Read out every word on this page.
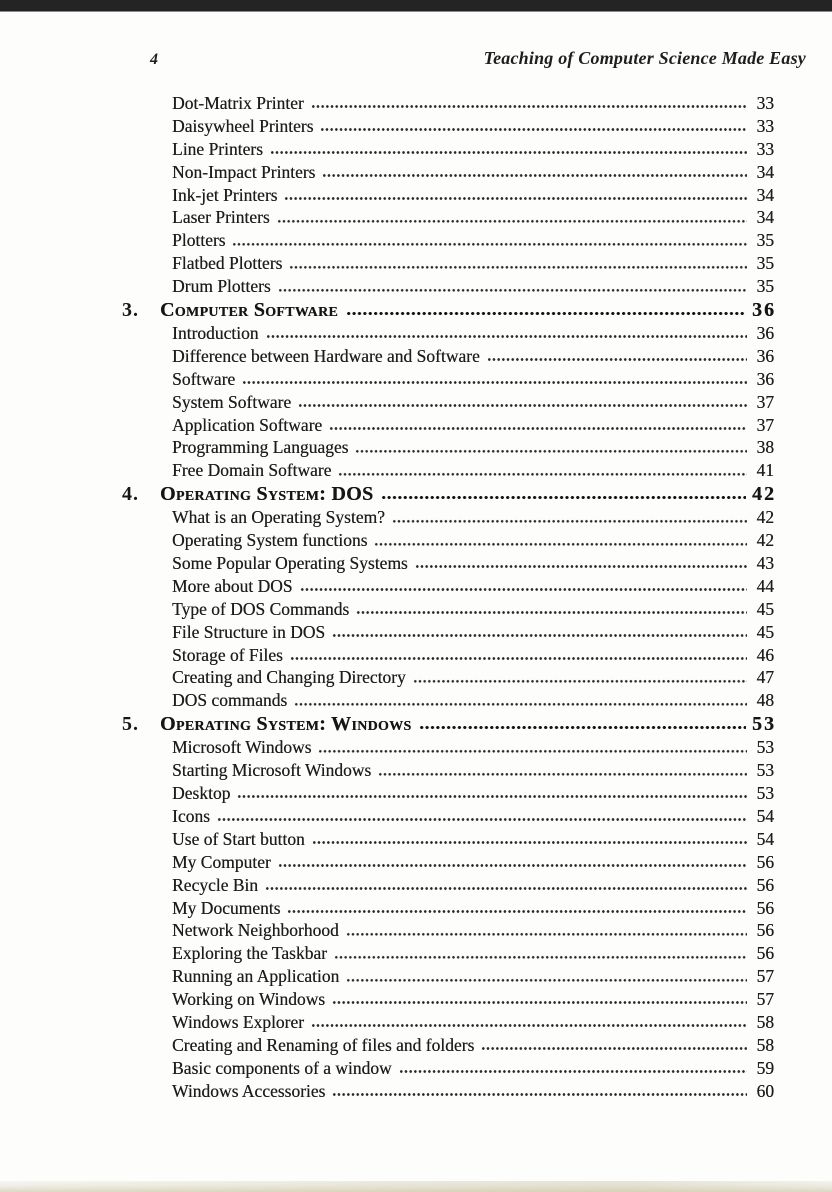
4	Teaching of Computer Science Made Easy
Dot-Matrix Printer	33
Daisywheel Printers	33
Line Printers	33
Non-Impact Printers	34
Ink-jet Printers	34
Laser Printers	34
Plotters	35
Flatbed Plotters	35
Drum Plotters	35
3.	Computer Software	36
Introduction	36
Difference between Hardware and Software	36
Software	36
System Software	37
Application Software	37
Programming Languages	38
Free Domain Software	41
4.	Operating System: DOS	42
What is an Operating System?	42
Operating System functions	42
Some Popular Operating Systems	43
More about DOS	44
Type of DOS Commands	45
File Structure in DOS	45
Storage of Files	46
Creating and Changing Directory	47
DOS commands	48
5.	Operating System: Windows	53
Microsoft Windows	53
Starting Microsoft Windows	53
Desktop	53
Icons	54
Use of Start button	54
My Computer	56
Recycle Bin	56
My Documents	56
Network Neighborhood	56
Exploring the Taskbar	56
Running an Application	57
Working on Windows	57
Windows Explorer	58
Creating and Renaming of files and folders	58
Basic components of a window	59
Windows Accessories	60
